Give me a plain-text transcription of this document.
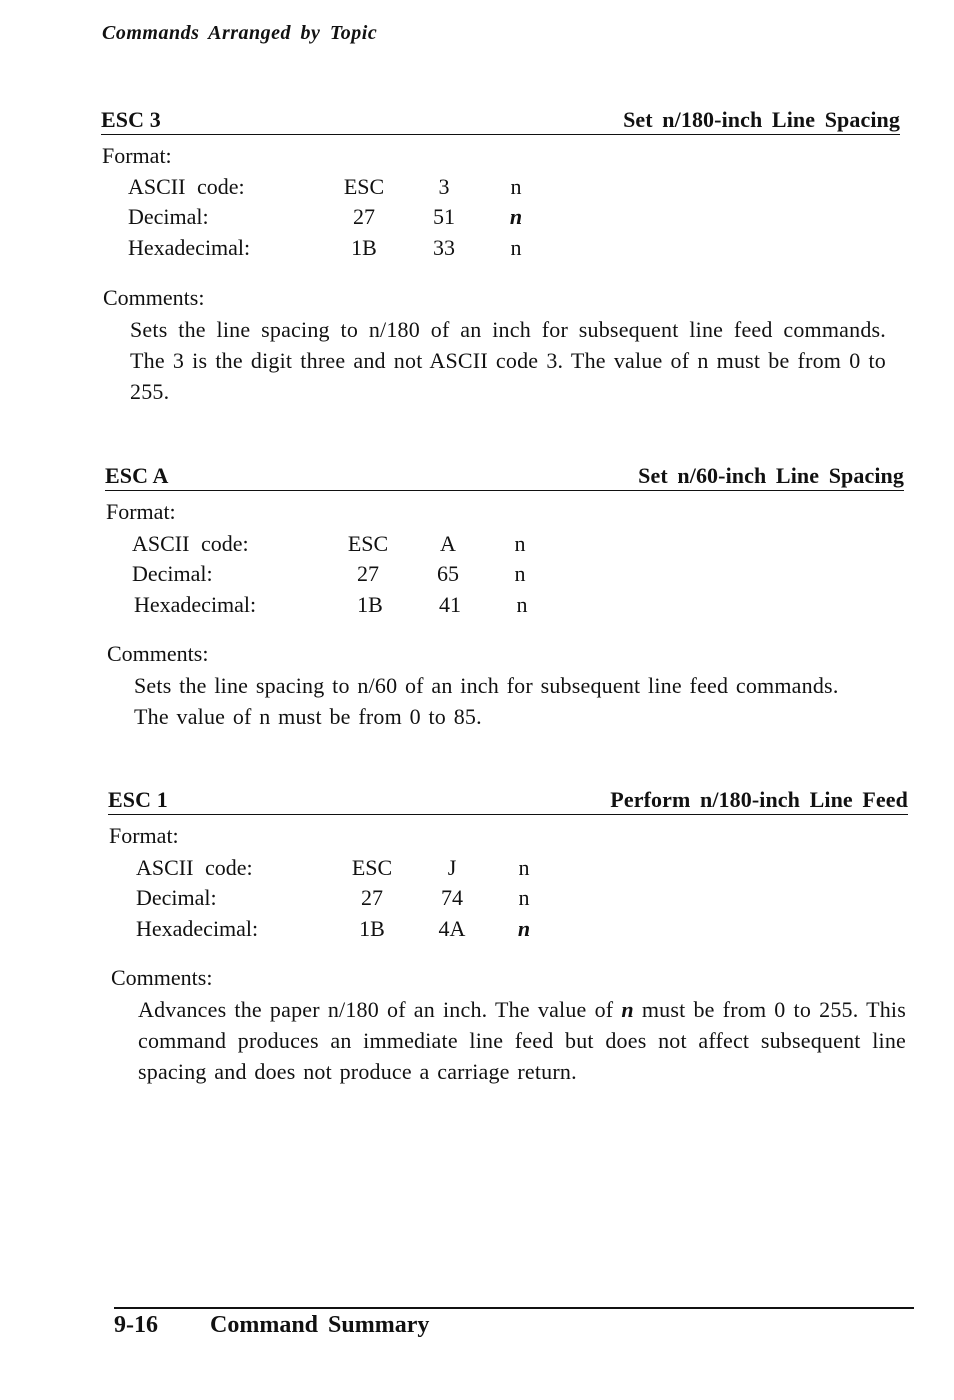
Commands Arranged by Topic
ESC 3	Set n/180-inch Line Spacing
Format:
ASCII code:	ESC	3	n
Decimal:	27	51	n
Hexadecimal:	1B	33	n
Comments:
Sets the line spacing to n/180 of an inch for subsequent line feed commands. The 3 is the digit three and not ASCII code 3. The value of n must be from 0 to 255.
ESC A	Set n/60-inch Line Spacing
Format:
ASCII code:	ESC	A	n
Decimal:	27	65	n
Hexadecimal:	1B	41	n
Comments:
Sets the line spacing to n/60 of an inch for subsequent line feed commands. The value of n must be from 0 to 85.
ESC 1	Perform n/180-inch Line Feed
Format:
ASCII code:	ESC	J	n
Decimal:	27	74	n
Hexadecimal:	1B	4A	n
Comments:
Advances the paper n/180 of an inch. The value of n must be from 0 to 255. This command produces an immediate line feed but does not affect subsequent line spacing and does not produce a carriage return.
9-16 Command Summary
